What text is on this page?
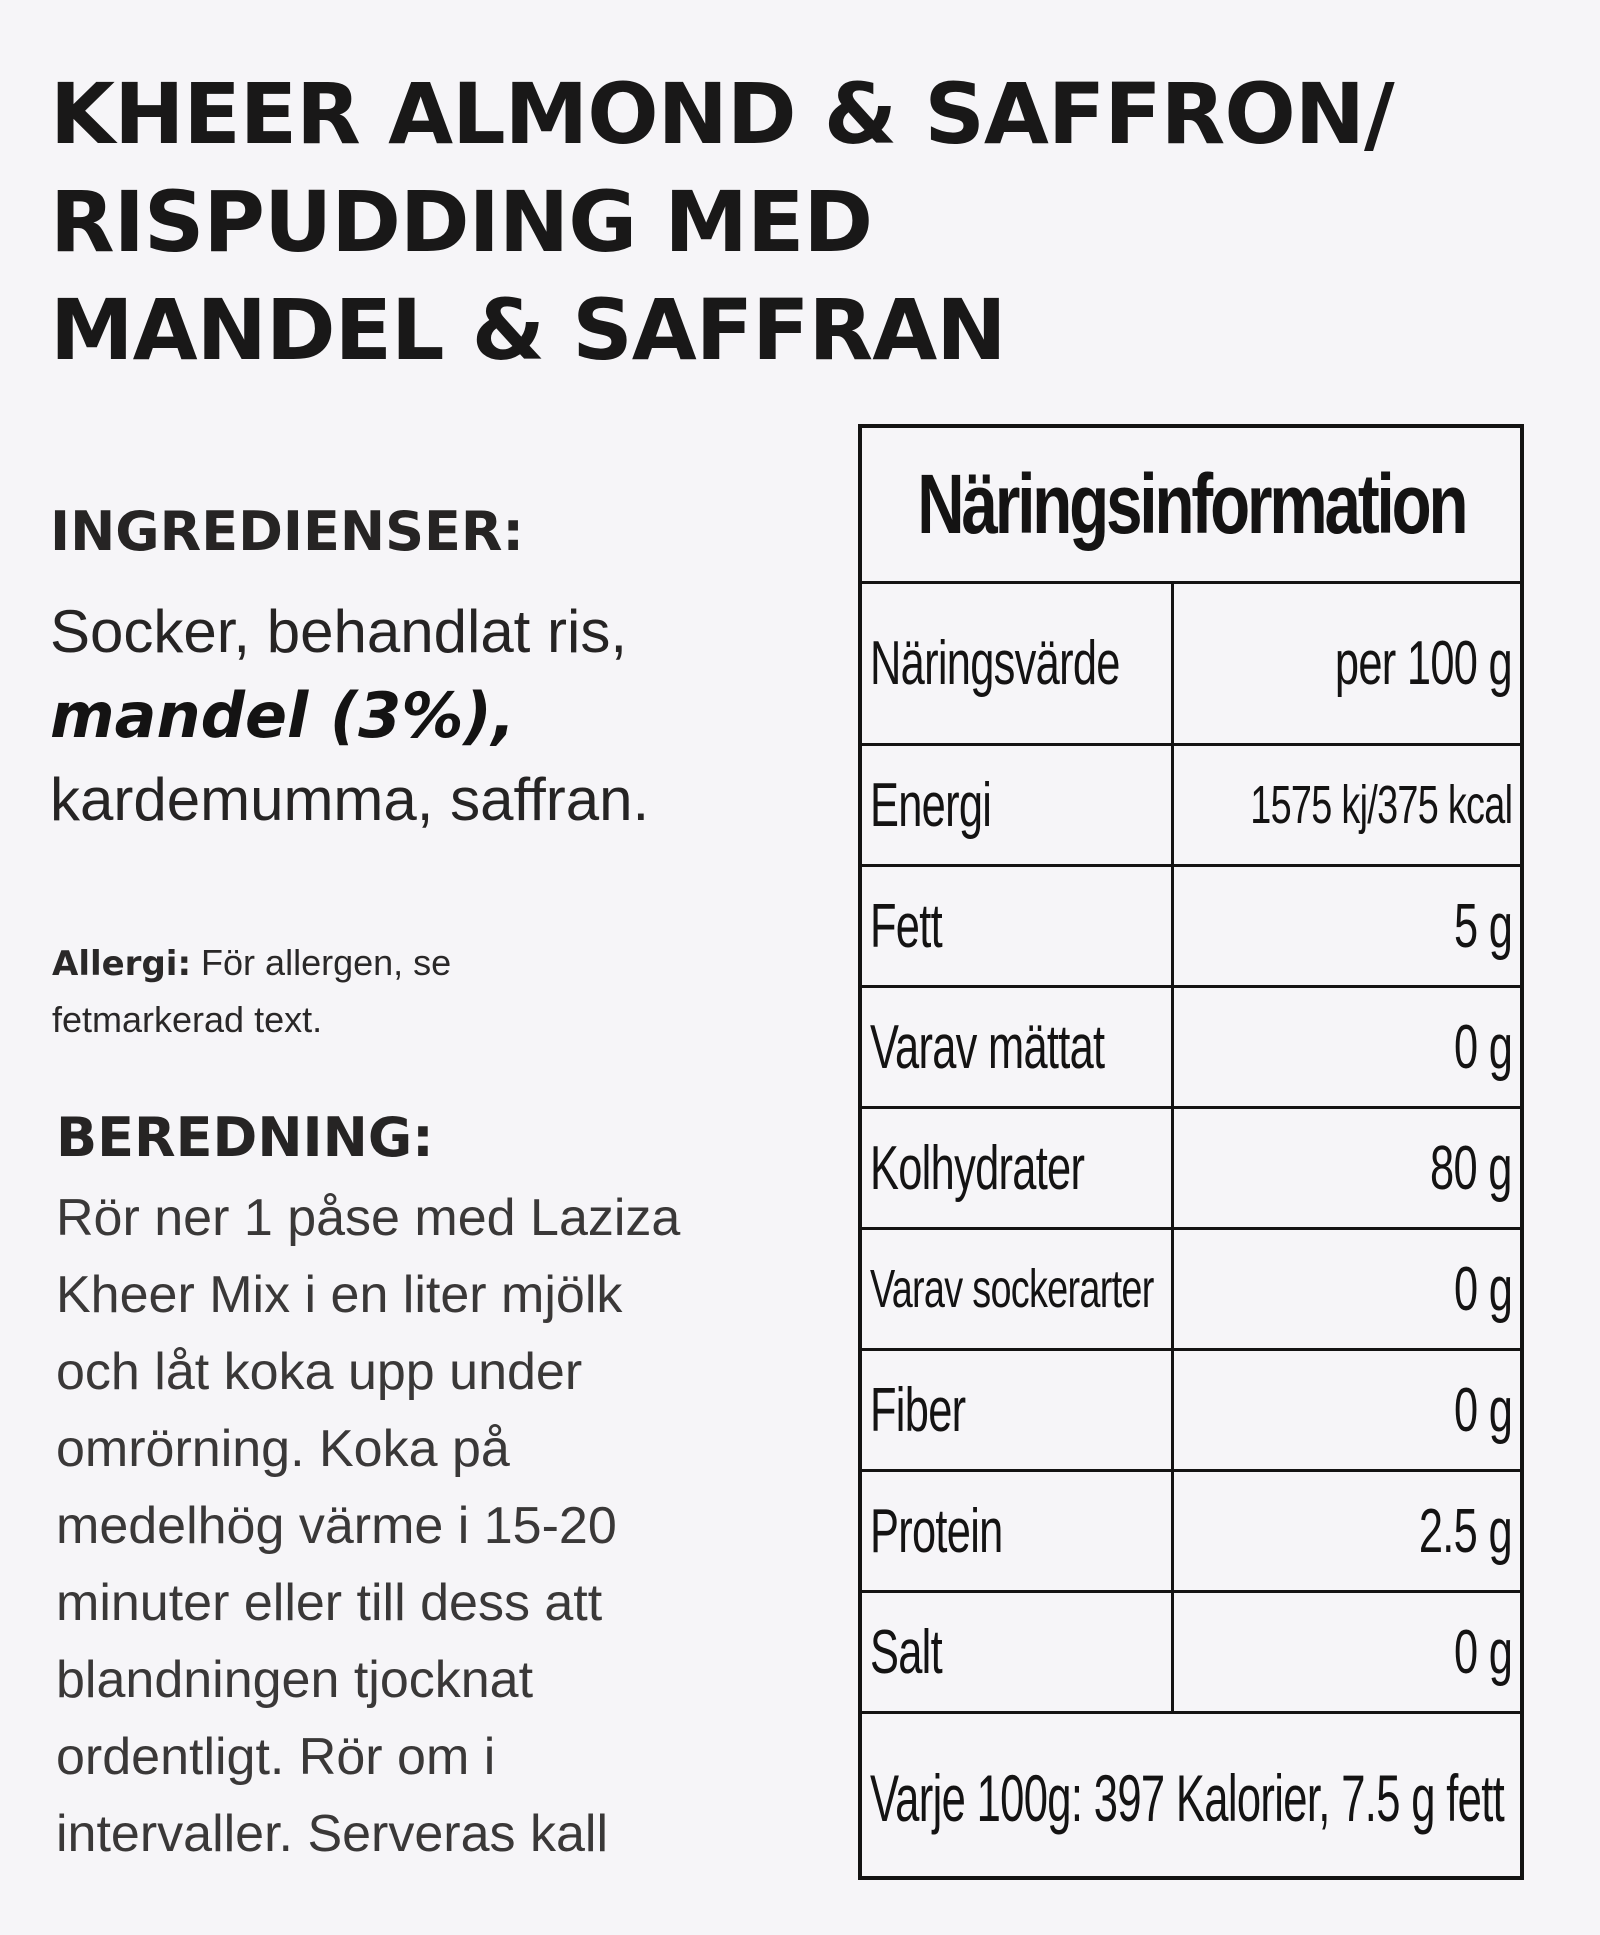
KHEER ALMOND & SAFFRON/
RISPUDDING MED
MANDEL & SAFFRAN
INGREDIENSER:
Socker, behandlat ris,
mandel (3%),
kardemumma, saffran.
Allergi: För allergen, se
fetmarkerad text.
BEREDNING:
Rör ner 1 påse med Laziza
Kheer Mix i en liter mjölk
och låt koka upp under
omrörning. Koka på
medelhög värme i 15-20
minuter eller till dess att
blandningen tjocknat
ordentligt. Rör om i
intervaller. Serveras kall
Näringsinformation
Näringsvärde	per 100 g
Energi	1575 kj/375 kcal
Fett	5 g
Varav mättat	0 g
Kolhydrater	80 g
Varav sockerarter	0 g
Fiber	0 g
Protein	2.5 g
Salt	0 g
Varje 100g: 397 Kalorier, 7.5 g fett
